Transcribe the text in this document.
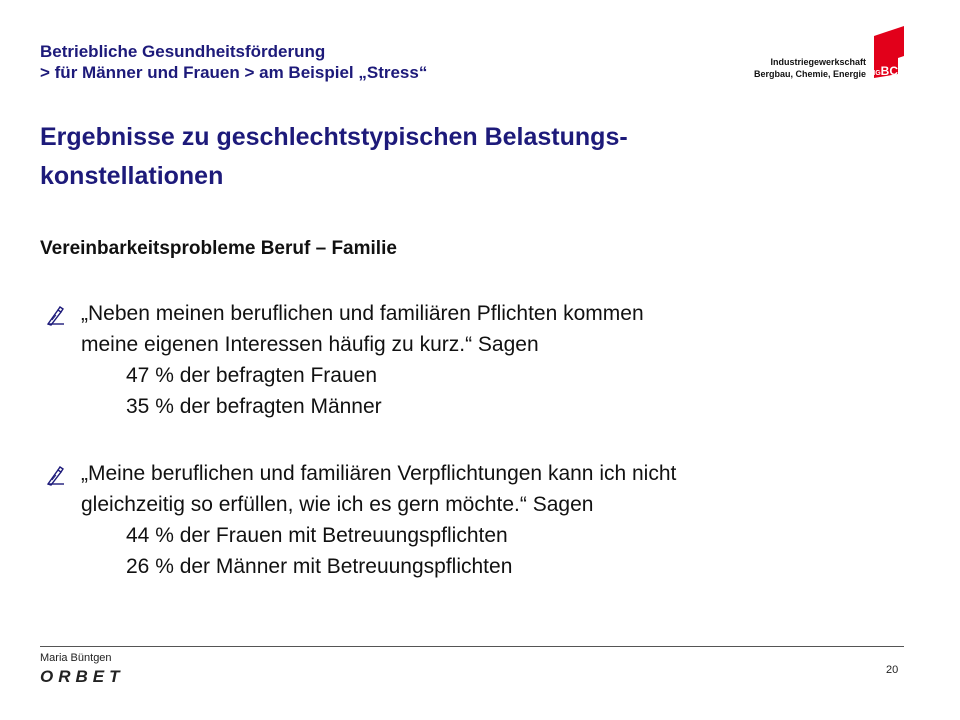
Betriebliche Gesundheitsförderung
> für Männer und Frauen > am Beispiel „Stress“
Industriegewerkschaft
Bergbau, Chemie, Energie IGBCE
Ergebnisse zu geschlechtstypischen Belastungs-
konstellationen
Vereinbarkeitsprobleme Beruf – Familie
„Neben meinen beruflichen und familiären Pflichten kommen
meine eigenen Interessen häufig zu kurz.“ Sagen
47 % der befragten Frauen
35 % der befragten Männer
„Meine beruflichen und familiären Verpflichtungen kann ich nicht
gleichzeitig so erfüllen, wie ich es gern möchte.“ Sagen
44 % der Frauen mit Betreuungspflichten
26 % der Männer mit Betreuungspflichten
Maria Büntgen
ORBET	20
